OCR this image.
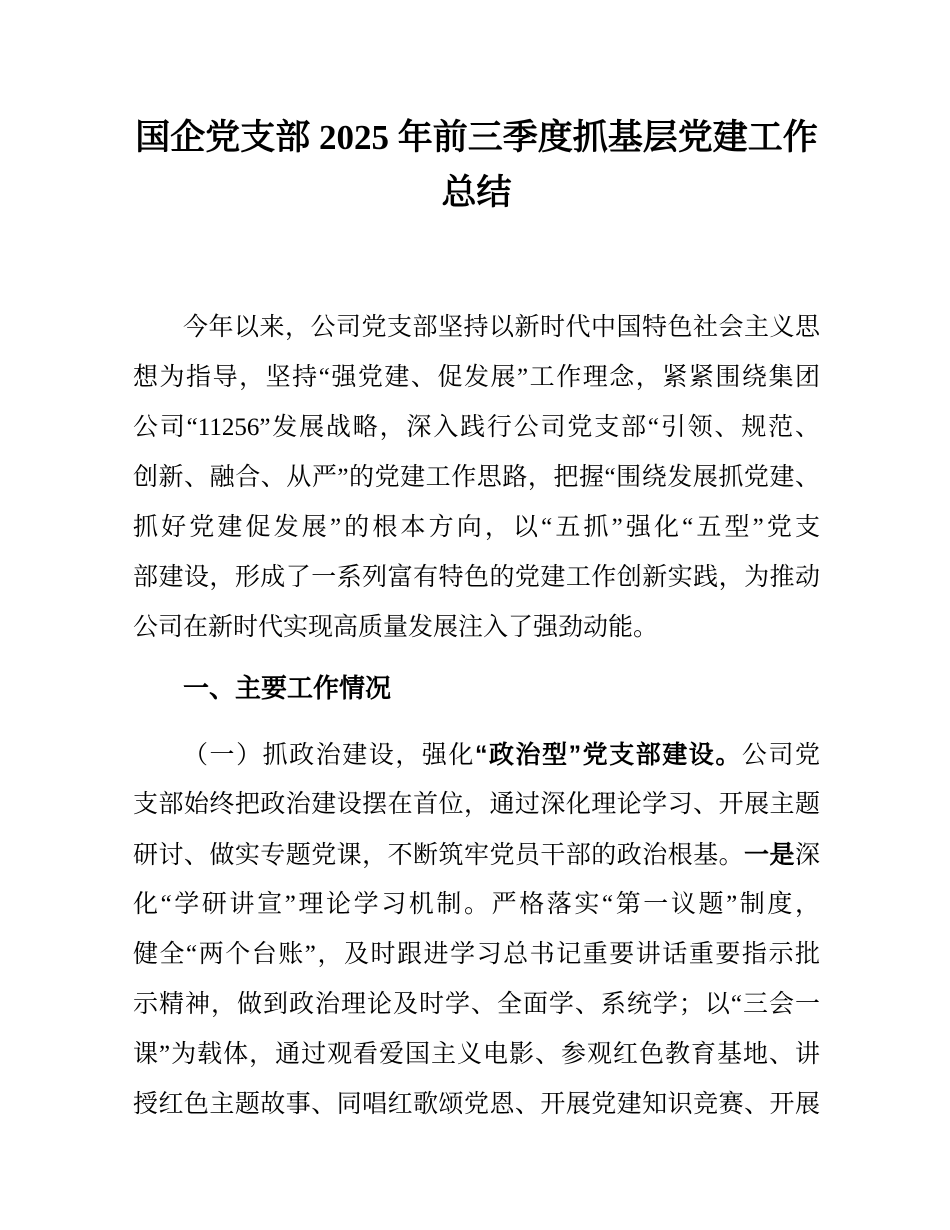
国企党支部 2025 年前三季度抓基层党建工作
总结
今年以来，公司党支部坚持以新时代中国特色社会主义思
想为指导，坚持“强党建、促发展”工作理念，紧紧围绕集团
公司“11256”发展战略，深入践行公司党支部“引领、规范、
创新、融合、从严”的党建工作思路，把握“围绕发展抓党建、
抓好党建促发展”的根本方向，以“五抓”强化“五型”党支
部建设，形成了一系列富有特色的党建工作创新实践，为推动
公司在新时代实现高质量发展注入了强劲动能。
一、主要工作情况
（一）抓政治建设，强化“政治型”党支部建设。公司党
支部始终把政治建设摆在首位，通过深化理论学习、开展主题
研讨、做实专题党课，不断筑牢党员干部的政治根基。一是深
化“学研讲宣”理论学习机制。严格落实“第一议题”制度，
健全“两个台账”，及时跟进学习总书记重要讲话重要指示批
示精神，做到政治理论及时学、全面学、系统学；以“三会一
课”为载体，通过观看爱国主义电影、参观红色教育基地、讲
授红色主题故事、同唱红歌颂党恩、开展党建知识竞赛、开展
